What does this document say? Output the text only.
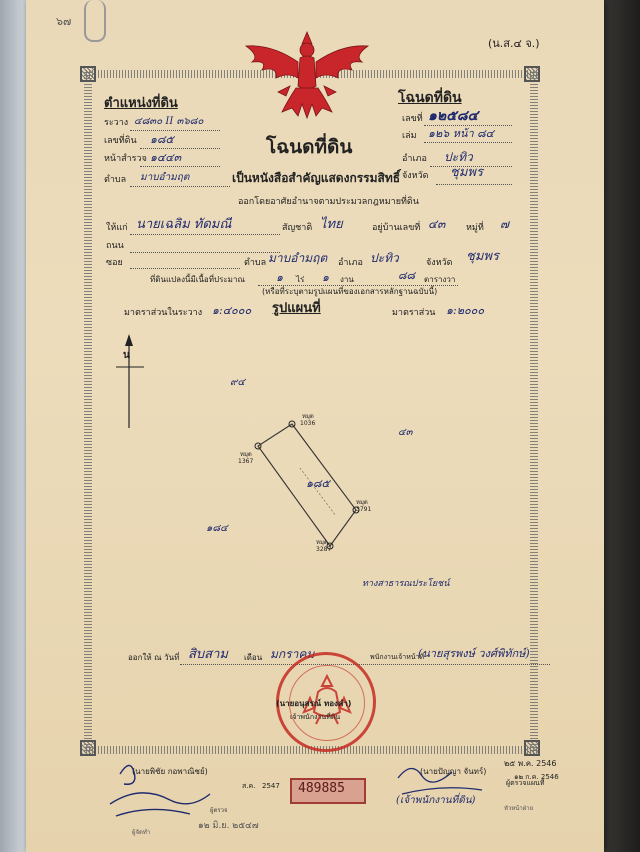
๖๗
(น.ส.๔ จ.)
ตำแหน่งที่ดิน
ระวาง ๔๘๓๐ II ๓๖๘๐
เลขที่ดิน ๑๘๕
หน้าสำรวจ ๑๔๔๓
ตำบล มาบอำมฤต
โฉนดที่ดิน
เลขที่ ๑๒๕๘๔
เล่ม ๑๒๖ หน้า ๘๔
อำเภอ ปะทิว
จังหวัด ชุมพร
โฉนดที่ดิน
เป็นหนังสือสำคัญแสดงกรรมสิทธิ์
ออกโดยอาศัยอำนาจตามประมวลกฎหมายที่ดิน
ให้แก่ นายเฉลิม ทัดมณี	สัญชาติ ไทย	อยู่บ้านเลขที่ ๔๓ หมู่ที่ ๗
ถนน
ซอย	ตำบล มาบอำมฤต อำเภอ ปะทิว	จังหวัด ชุมพร
ที่ดินแปลงนี้มีเนื้อที่ประมาณ	๑ ไร่ ๑ งาน	๘๘ ตารางวา
(หรือที่ระบุตามรูปแผนที่ของเอกสารหลักฐานฉบับนี้)
มาตราส่วนในระวาง ๑:๔๐๐๐ รูปแผนที่	มาตราส่วน ๑:๒๐๐๐
น
หมุด
1036
หมุด
1367
หมุด
3791
หมุด
3287
๑๘๕
๙๔
๔๓
๑๘๔
ทางสาธารณประโยชน์
ออกให้ ณ วันที่ สิบสาม เดือน มกราคม	พนักงานเจ้าหน้าที่
(นายสุรพงษ์ วงศ์พิทักษ์)
(นายอนุสรณ์ ทองคำ)
เจ้าพนักงานที่ดิน
(นายพิชัย กอพาณิชย์)
ผู้ตรวจ
๑๒ มิ.ย. ๒๕๔๗
ส.ค. 2547 489885
(นายปัญญา จันทร์)
ผู้ตรวจแผนที่
๒๕ พ.ค. 2546
๑๒ ก.ค. 2546
(เจ้าพนักงานที่ดิน)
ผู้จัดทำ
หัวหน้าฝ่าย
